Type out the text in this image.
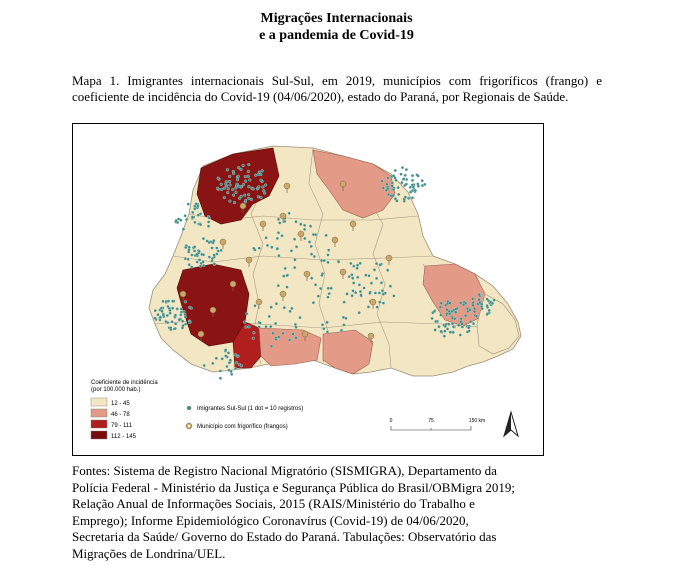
Migrações Internacionais
e a pandemia de Covid-19
Mapa 1. Imigrantes internacionais Sul-Sul, em 2019, municípios com frigoríficos (frango) e coeficiente de incidência do Covid-19 (04/06/2020), estado do Paraná, por Regionais de Saúde.
Coeficiente de incidência
(por 100.000 hab.)
12 - 45
46 - 78
79 - 111
112 - 145
Imigrantes Sul-Sul (1 dot = 10 registros)
Município com frigorífico (frangos)
0	75	150 km
Fontes: Sistema de Registro Nacional Migratório (SISMIGRA), Departamento da
Polícia Federal - Ministério da Justiça e Segurança Pública do Brasil/OBMigra 2019;
Relação Anual de Informações Sociais, 2015 (RAIS/Ministério do Trabalho e
Emprego); Informe Epidemiológico Coronavírus (Covid-19) de 04/06/2020,
Secretaria da Saúde/ Governo do Estado do Paraná. Tabulações: Observatório das
Migrações de Londrina/UEL.
